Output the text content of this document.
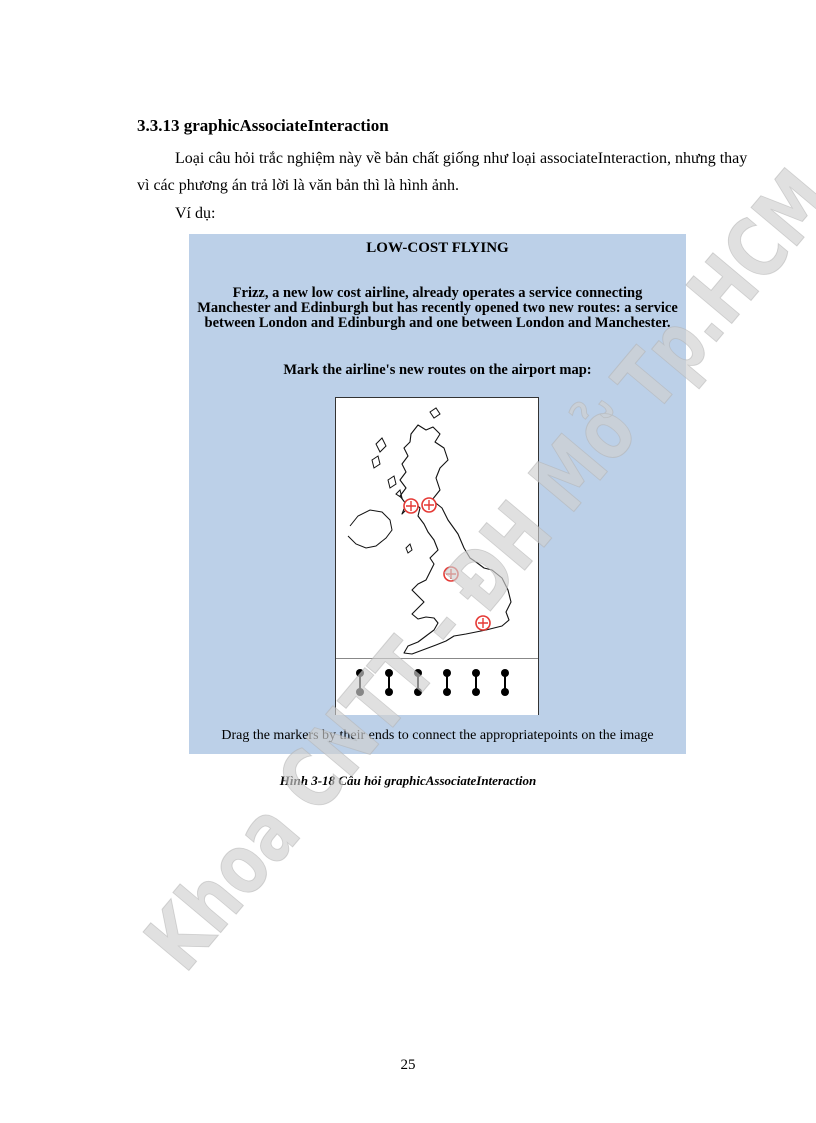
3.3.13 graphicAssociateInteraction

Loại câu hỏi trắc nghiệm này về bản chất giống như loại associateInteraction, nhưng thay vì các phương án trả lời là văn bản thì là hình ảnh.

Ví dụ:

LOW-COST FLYING
Frizz, a new low cost airline, already operates a service connecting Manchester and Edinburgh but has recently opened two new routes: a service between London and Edinburgh and one between London and Manchester.
Mark the airline's new routes on the airport map:
Drag the markers by their ends to connect the appropriatepoints on the image
Hình 3-18 Câu hỏi graphicAssociateInteraction
25
